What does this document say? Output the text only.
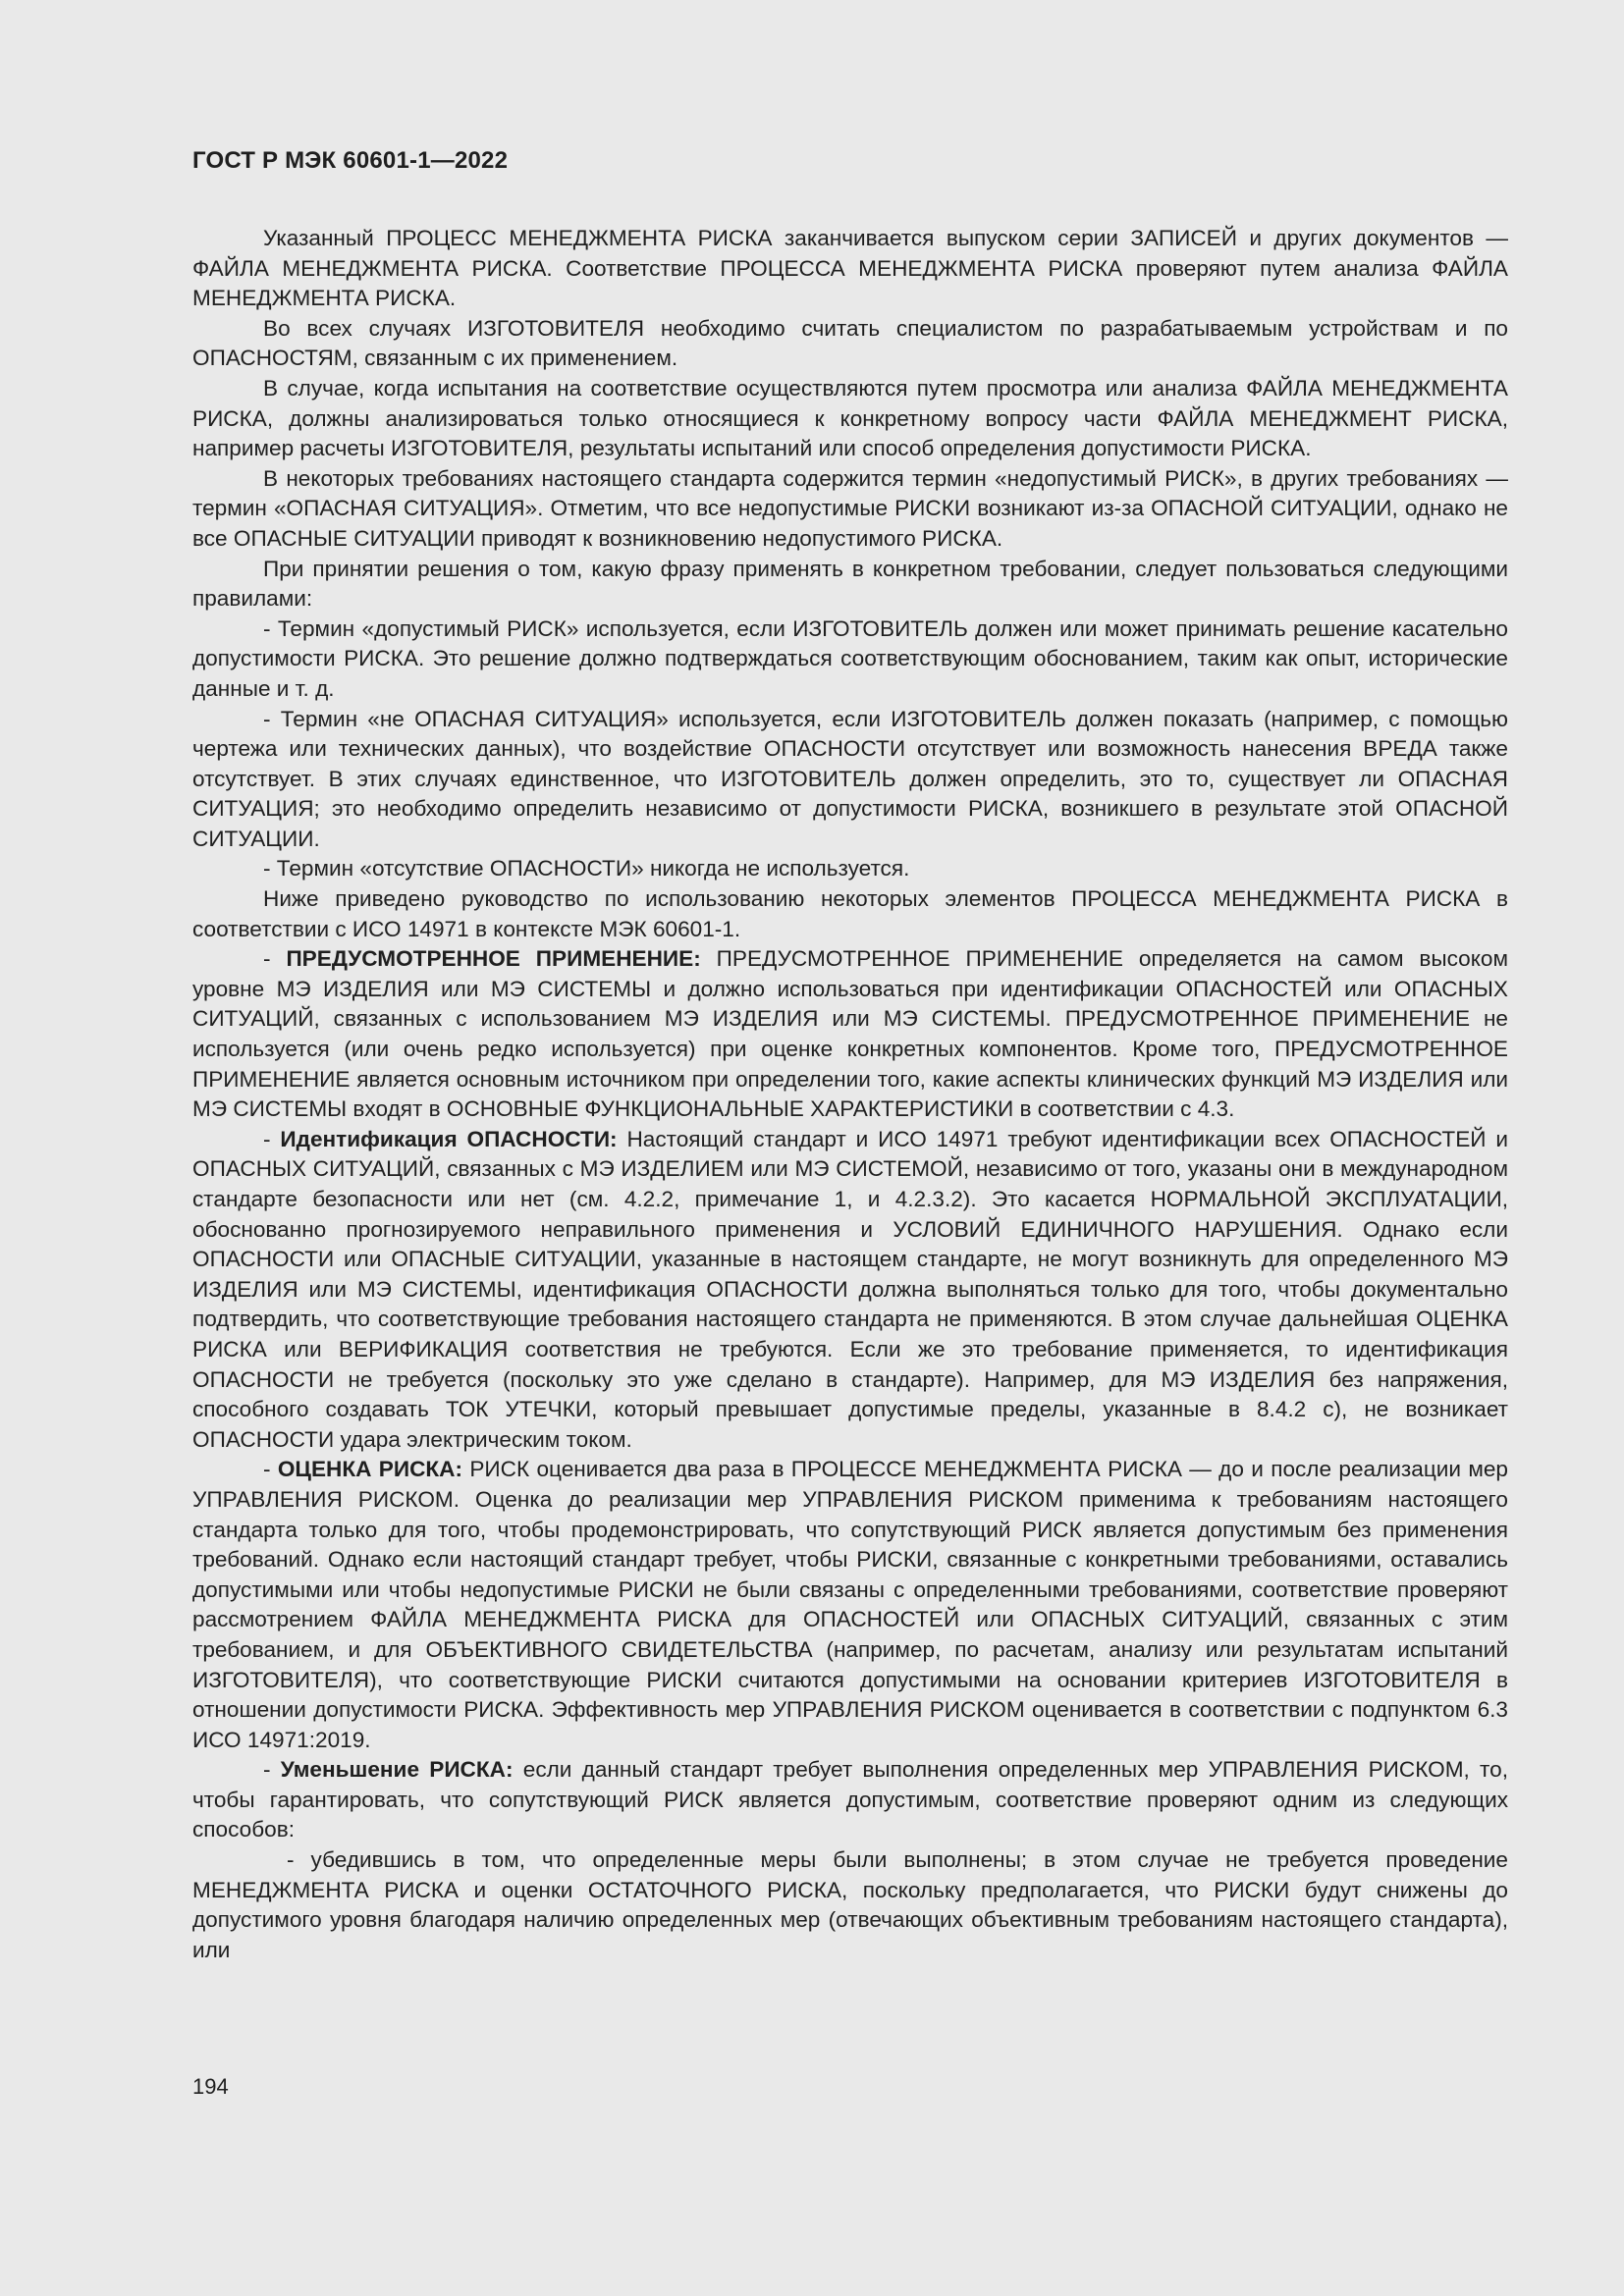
ГОСТ Р МЭК 60601-1—2022

Указанный ПРОЦЕСС МЕНЕДЖМЕНТА РИСКА заканчивается выпуском серии ЗАПИСЕЙ и других документов — ФАЙЛА МЕНЕДЖМЕНТА РИСКА. Соответствие ПРОЦЕССА МЕНЕДЖМЕНТА РИСКА проверяют путем анализа ФАЙЛА МЕНЕДЖМЕНТА РИСКА.

Во всех случаях ИЗГОТОВИТЕЛЯ необходимо считать специалистом по разрабатываемым устройствам и по ОПАСНОСТЯМ, связанным с их применением.

В случае, когда испытания на соответствие осуществляются путем просмотра или анализа ФАЙЛА МЕНЕДЖМЕНТА РИСКА, должны анализироваться только относящиеся к конкретному вопросу части ФАЙЛА МЕНЕДЖМЕНТ РИСКА, например расчеты ИЗГОТОВИТЕЛЯ, результаты испытаний или способ определения допустимости РИСКА.

В некоторых требованиях настоящего стандарта содержится термин «недопустимый РИСК», в других требованиях — термин «ОПАСНАЯ СИТУАЦИЯ». Отметим, что все недопустимые РИСКИ возникают из-за ОПАСНОЙ СИТУАЦИИ, однако не все ОПАСНЫЕ СИТУАЦИИ приводят к возникновению недопустимого РИСКА.

При принятии решения о том, какую фразу применять в конкретном требовании, следует пользоваться следующими правилами:

- Термин «допустимый РИСК» используется, если ИЗГОТОВИТЕЛЬ должен или может принимать решение касательно допустимости РИСКА. Это решение должно подтверждаться соответствующим обоснованием, таким как опыт, исторические данные и т. д.

- Термин «не ОПАСНАЯ СИТУАЦИЯ» используется, если ИЗГОТОВИТЕЛЬ должен показать (например, с помощью чертежа или технических данных), что воздействие ОПАСНОСТИ отсутствует или возможность нанесения ВРЕДА также отсутствует. В этих случаях единственное, что ИЗГОТОВИТЕЛЬ должен определить, это то, существует ли ОПАСНАЯ СИТУАЦИЯ; это необходимо определить независимо от допустимости РИСКА, возникшего в результате этой ОПАСНОЙ СИТУАЦИИ.

- Термин «отсутствие ОПАСНОСТИ» никогда не используется.

Ниже приведено руководство по использованию некоторых элементов ПРОЦЕССА МЕНЕДЖМЕНТА РИСКА в соответствии с ИСО 14971 в контексте МЭК 60601-1.

- ПРЕДУСМОТРЕННОЕ ПРИМЕНЕНИЕ: ПРЕДУСМОТРЕННОЕ ПРИМЕНЕНИЕ определяется на самом высоком уровне МЭ ИЗДЕЛИЯ или МЭ СИСТЕМЫ и должно использоваться при идентификации ОПАСНОСТЕЙ или ОПАСНЫХ СИТУАЦИЙ, связанных с использованием МЭ ИЗДЕЛИЯ или МЭ СИСТЕМЫ. ПРЕДУСМОТРЕННОЕ ПРИМЕНЕНИЕ не используется (или очень редко используется) при оценке конкретных компонентов. Кроме того, ПРЕДУСМОТРЕННОЕ ПРИМЕНЕНИЕ является основным источником при определении того, какие аспекты клинических функций МЭ ИЗДЕЛИЯ или МЭ СИСТЕМЫ входят в ОСНОВНЫЕ ФУНКЦИОНАЛЬНЫЕ ХАРАКТЕРИСТИКИ в соответствии с 4.3.

- Идентификация ОПАСНОСТИ: Настоящий стандарт и ИСО 14971 требуют идентификации всех ОПАСНОСТЕЙ и ОПАСНЫХ СИТУАЦИЙ, связанных с МЭ ИЗДЕЛИЕМ или МЭ СИСТЕМОЙ, независимо от того, указаны они в международном стандарте безопасности или нет (см. 4.2.2, примечание 1, и 4.2.3.2). Это касается НОРМАЛЬНОЙ ЭКСПЛУАТАЦИИ, обоснованно прогнозируемого неправильного применения и УСЛОВИЙ ЕДИНИЧНОГО НАРУШЕНИЯ. Однако если ОПАСНОСТИ или ОПАСНЫЕ СИТУАЦИИ, указанные в настоящем стандарте, не могут возникнуть для определенного МЭ ИЗДЕЛИЯ или МЭ СИСТЕМЫ, идентификация ОПАСНОСТИ должна выполняться только для того, чтобы документально подтвердить, что соответствующие требования настоящего стандарта не применяются. В этом случае дальнейшая ОЦЕНКА РИСКА или ВЕРИФИКАЦИЯ соответствия не требуются. Если же это требование применяется, то идентификация ОПАСНОСТИ не требуется (поскольку это уже сделано в стандарте). Например, для МЭ ИЗДЕЛИЯ без напряжения, способного создавать ТОК УТЕЧКИ, который превышает допустимые пределы, указанные в 8.4.2 c), не возникает ОПАСНОСТИ удара электрическим током.

- ОЦЕНКА РИСКА: РИСК оценивается два раза в ПРОЦЕССЕ МЕНЕДЖМЕНТА РИСКА — до и после реализации мер УПРАВЛЕНИЯ РИСКОМ. Оценка до реализации мер УПРАВЛЕНИЯ РИСКОМ применима к требованиям настоящего стандарта только для того, чтобы продемонстрировать, что сопутствующий РИСК является допустимым без применения требований. Однако если настоящий стандарт требует, чтобы РИСКИ, связанные с конкретными требованиями, оставались допустимыми или чтобы недопустимые РИСКИ не были связаны с определенными требованиями, соответствие проверяют рассмотрением ФАЙЛА МЕНЕДЖМЕНТА РИСКА для ОПАСНОСТЕЙ или ОПАСНЫХ СИТУАЦИЙ, связанных с этим требованием, и для ОБЪЕКТИВНОГО СВИДЕТЕЛЬСТВА (например, по расчетам, анализу или результатам испытаний ИЗГОТОВИТЕЛЯ), что соответствующие РИСКИ считаются допустимыми на основании критериев ИЗГОТОВИТЕЛЯ в отношении допустимости РИСКА. Эффективность мер УПРАВЛЕНИЯ РИСКОМ оценивается в соответствии с подпунктом 6.3 ИСО 14971:2019.

- Уменьшение РИСКА: если данный стандарт требует выполнения определенных мер УПРАВЛЕНИЯ РИСКОМ, то, чтобы гарантировать, что сопутствующий РИСК является допустимым, соответствие проверяют одним из следующих способов:

- убедившись в том, что определенные меры были выполнены; в этом случае не требуется проведение МЕНЕДЖМЕНТА РИСКА и оценки ОСТАТОЧНОГО РИСКА, поскольку предполагается, что РИСКИ будут снижены до допустимого уровня благодаря наличию определенных мер (отвечающих объективным требованиям настоящего стандарта), или

194
